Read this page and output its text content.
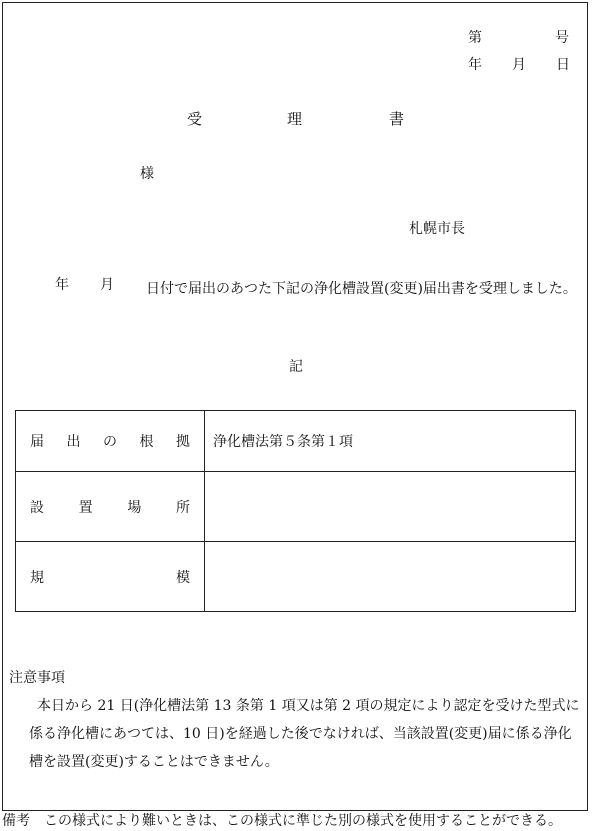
第	号
年 月 日
受	理	書
様
札幌市長
年 月	日付で届出のあつた下記の浄化槽設置(変更)届出書を受理しました。
記
届 出 の 根 拠	浄化槽法第５条第１項

設 置 場 所	

規 模	

注意事項
本日から 21 日(浄化槽法第 13 条第 1 項又は第 2 項の規定により認定を受けた型式に係る浄化槽にあつては、10 日)を経過した後でなければ、当該設置(変更)届に係る浄化槽を設置(変更)することはできません。
備考 この様式により難いときは、この様式に準じた別の様式を使用することができる。
